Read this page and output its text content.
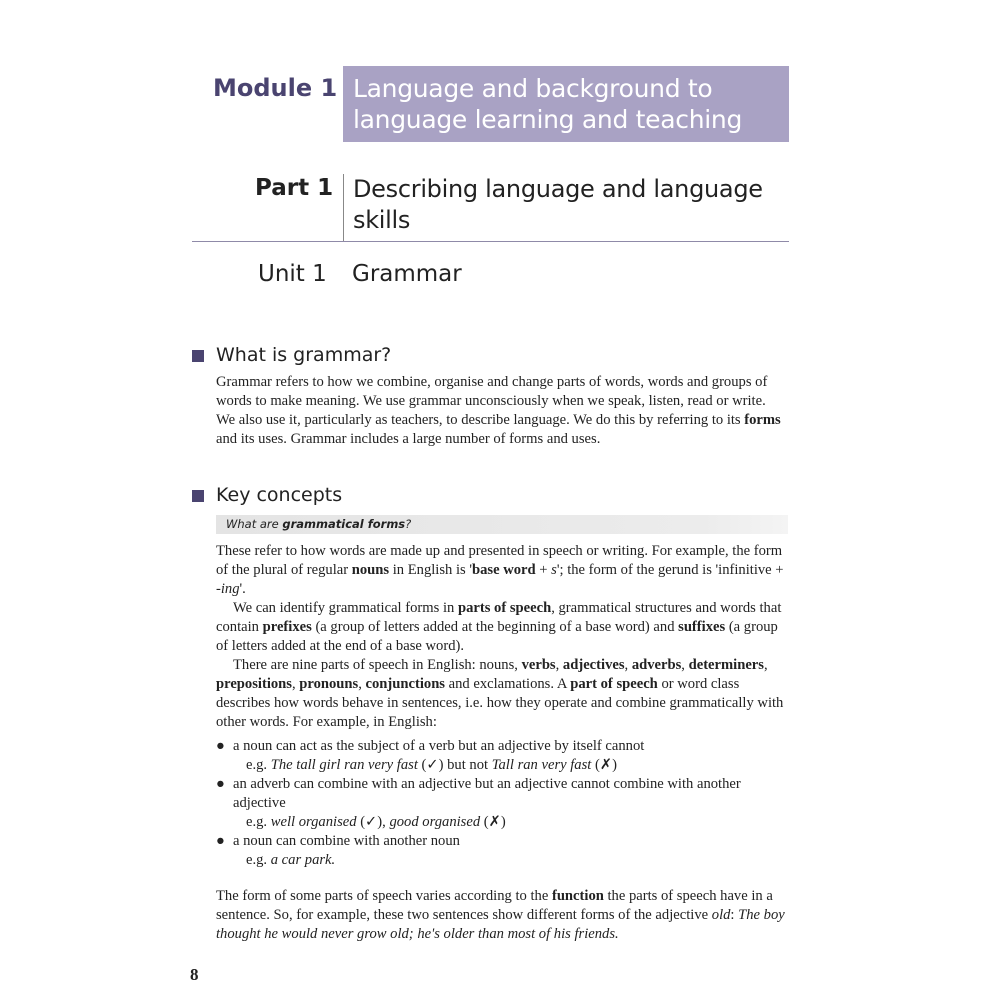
Module 1 Language and background to
language learning and teaching
Part 1 Describing language and language
skills
Unit 1 Grammar
What is grammar?

Grammar refers to how we combine, organise and change parts of words, words and groups of words to make meaning. We use grammar unconsciously when we speak, listen, read or write. We also use it, particularly as teachers, to describe language. We do this by referring to its forms and its uses. Grammar includes a large number of forms and uses.

Key concepts
What are grammatical forms?

These refer to how words are made up and presented in speech or writing. For example, the form of the plural of regular nouns in English is 'base word + s'; the form of the gerund is 'infinitive + -ing'.

We can identify grammatical forms in parts of speech, grammatical structures and words that contain prefixes (a group of letters added at the beginning of a base word) and suffixes (a group of letters added at the end of a base word).

There are nine parts of speech in English: nouns, verbs, adjectives, adverbs, determiners, prepositions, pronouns, conjunctions and exclamations. A part of speech or word class describes how words behave in sentences, i.e. how they operate and combine grammatically with other words. For example, in English:

● a noun can act as the subject of a verb but an adjective by itself cannot
e.g. The tall girl ran very fast (✓) but not Tall ran very fast (✗)
● an adverb can combine with an adjective but an adjective cannot combine with another adjective
e.g. well organised (✓), good organised (✗)
● a noun can combine with another noun
e.g. a car park.

The form of some parts of speech varies according to the function the parts of speech have in a sentence. So, for example, these two sentences show different forms of the adjective old: The boy thought he would never grow old; he's older than most of his friends.

8
